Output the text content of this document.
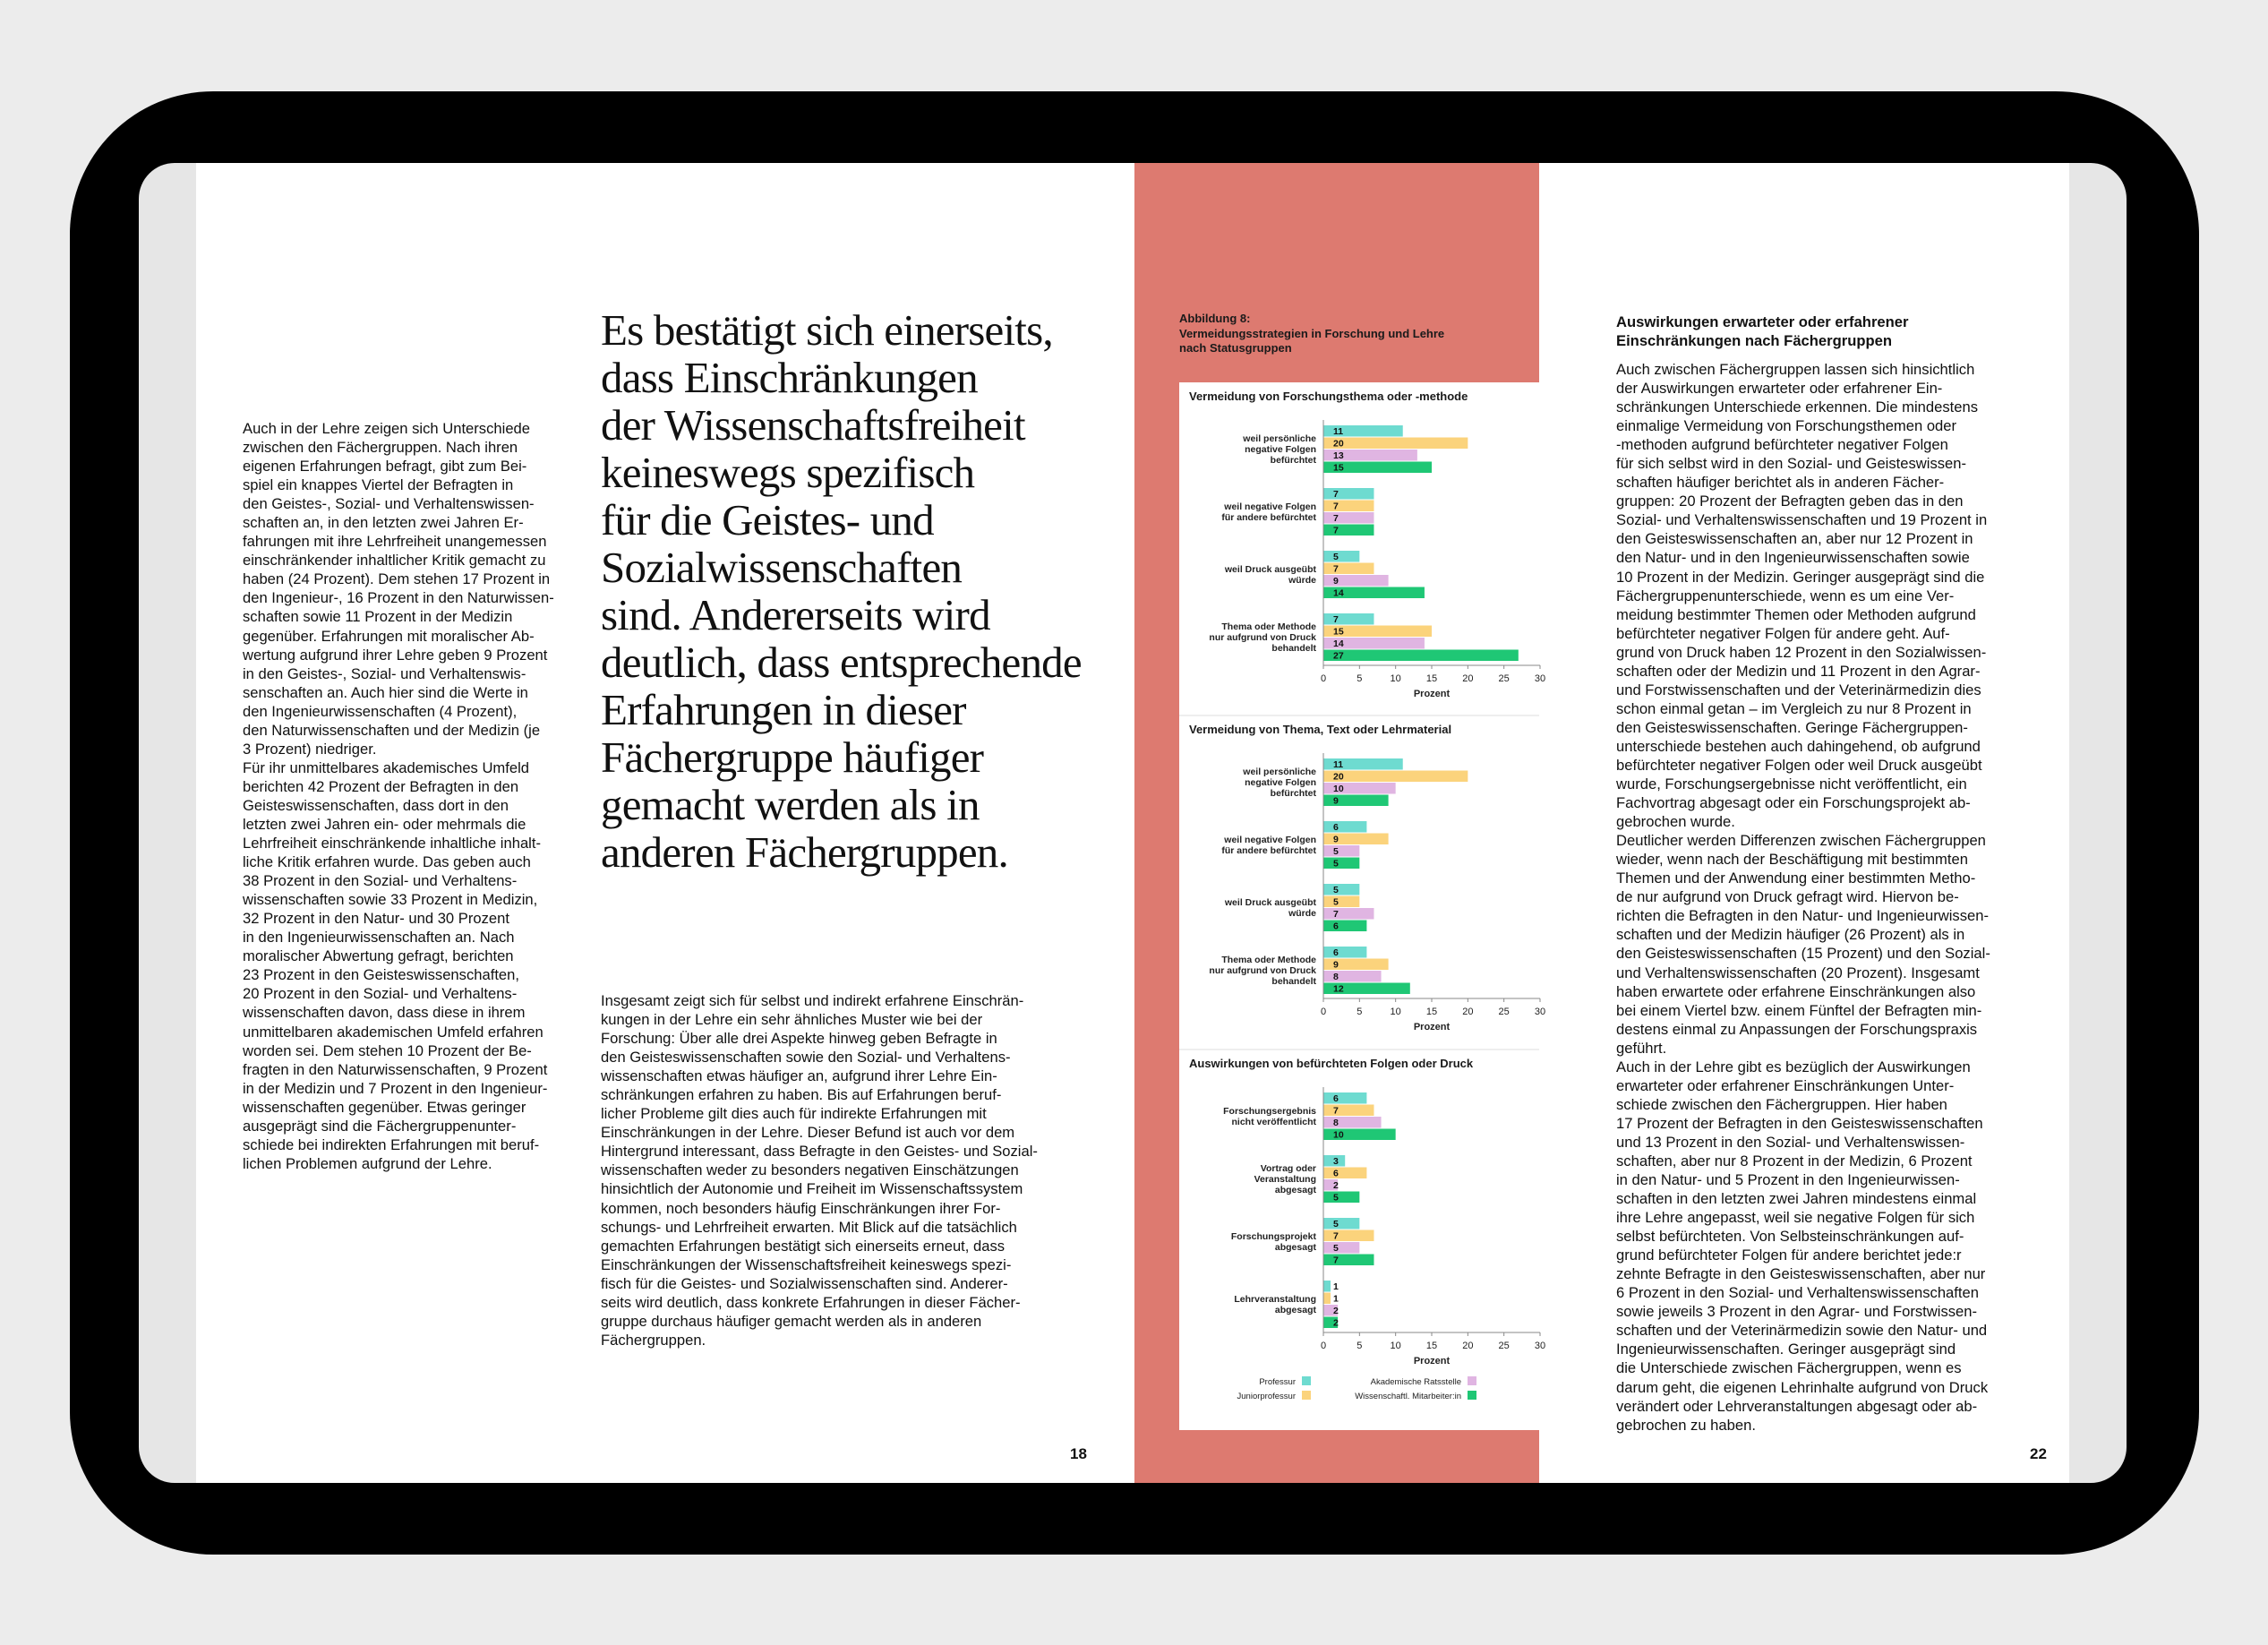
Auch in der Lehre zeigen sich Unterschiede
zwischen den Fächergruppen. Nach ihren
eigenen Erfahrungen befragt, gibt zum Bei-
spiel ein knappes Viertel der Befragten in
den Geistes-, Sozial- und Verhaltenswissen-
schaften an, in den letzten zwei Jahren Er-
fahrungen mit ihre Lehrfreiheit unangemessen
einschränkender inhaltlicher Kritik gemacht zu
haben (24 Prozent). Dem stehen 17 Prozent in
den Ingenieur-, 16 Prozent in den Naturwissen-
schaften sowie 11 Prozent in der Medizin
gegenüber. Erfahrungen mit moralischer Ab-
wertung aufgrund ihrer Lehre geben 9 Prozent
in den Geistes-, Sozial- und Verhaltenswis-
senschaften an. Auch hier sind die Werte in
den Ingenieurwissenschaften (4 Prozent),
den Naturwissenschaften und der Medizin (je
3 Prozent) niedriger.
Für ihr unmittelbares akademisches Umfeld
berichten 42 Prozent der Befragten in den
Geisteswissenschaften, dass dort in den
letzten zwei Jahren ein- oder mehrmals die
Lehrfreiheit einschränkende inhaltliche inhalt-
liche Kritik erfahren wurde. Das geben auch
38 Prozent in den Sozial- und Verhaltens-
wissenschaften sowie 33 Prozent in Medizin,
32 Prozent in den Natur- und 30 Prozent
in den Ingenieurwissenschaften an. Nach
moralischer Abwertung gefragt, berichten
23 Prozent in den Geisteswissenschaften,
20 Prozent in den Sozial- und Verhaltens-
wissenschaften davon, dass diese in ihrem
unmittelbaren akademischen Umfeld erfahren
worden sei. Dem stehen 10 Prozent der Be-
fragten in den Naturwissenschaften, 9 Prozent
in der Medizin und 7 Prozent in den Ingenieur-
wissenschaften gegenüber. Etwas geringer
ausgeprägt sind die Fächergruppenunter-
schiede bei indirekten Erfahrungen mit beruf-
lichen Problemen aufgrund der Lehre.
Es bestätigt sich einerseits,
dass Einschränkungen
der Wissenschaftsfreiheit
keineswegs spezifisch
für die Geistes- und
Sozialwissenschaften
sind. Andererseits wird
deutlich, dass entsprechende
Erfahrungen in dieser
Fächergruppe häufiger
gemacht werden als in
anderen Fächergruppen.
Insgesamt zeigt sich für selbst und indirekt erfahrene Einschrän-
kungen in der Lehre ein sehr ähnliches Muster wie bei der
Forschung: Über alle drei Aspekte hinweg geben Befragte in
den Geisteswissenschaften sowie den Sozial- und Verhaltens-
wissenschaften etwas häufiger an, aufgrund ihrer Lehre Ein-
schränkungen erfahren zu haben. Bis auf Erfahrungen beruf-
licher Probleme gilt dies auch für indirekte Erfahrungen mit
Einschränkungen in der Lehre. Dieser Befund ist auch vor dem
Hintergrund interessant, dass Befragte in den Geistes- und Sozial-
wissenschaften weder zu besonders negativen Einschätzungen
hinsichtlich der Autonomie und Freiheit im Wissenschaftssystem
kommen, noch besonders häufig Einschränkungen ihrer For-
schungs- und Lehrfreiheit erwarten. Mit Blick auf die tatsächlich
gemachten Erfahrungen bestätigt sich einerseits erneut, dass
Einschränkungen der Wissenschaftsfreiheit keineswegs spezi-
fisch für die Geistes- und Sozialwissenschaften sind. Anderer-
seits wird deutlich, dass konkrete Erfahrungen in dieser Fächer-
gruppe durchaus häufiger gemacht werden als in anderen
Fächergruppen.
18
Abbildung 8:
Vermeidungsstrategien in Forschung und Lehre
nach Statusgruppen
Vermeidung von Forschungsthema oder -methode
weil persönliche
negative Folgen
befürchtet
11
20
13
15
weil negative Folgen
für andere befürchtet
7
7
7
7
weil Druck ausgeübt
würde
5
7
9
14
Thema oder Methode
nur aufgrund von Druck
behandelt
7
15
14
27
0	5	10	15	20	25	30
Prozent
Vermeidung von Thema, Text oder Lehrmaterial
weil persönliche
negative Folgen
befürchtet
11
20
10
9
weil negative Folgen
für andere befürchtet
6
9
5
5
weil Druck ausgeübt
würde
5
5
7
6
Thema oder Methode
nur aufgrund von Druck
behandelt
6
9
8
12
0	5	10	15	20	25	30
Prozent
Auswirkungen von befürchteten Folgen oder Druck
Forschungsergebnis
nicht veröffentlicht
6
7
8
10
Vortrag oder
Veranstaltung
abgesagt
3
6
2
5
Forschungsprojekt
abgesagt
5
7
5
7
Lehrveranstaltung
abgesagt
1
1
2
2
0	5	10	15	20	25	30
Prozent
Professur
Juniorprofessur
Akademische Ratsstelle
Wissenschaftl. Mitarbeiter:in
Auswirkungen erwarteter oder erfahrener
Einschränkungen nach Fächergruppen
Auch zwischen Fächergruppen lassen sich hinsichtlich
der Auswirkungen erwarteter oder erfahrener Ein-
schränkungen Unterschiede erkennen. Die mindestens
einmalige Vermeidung von Forschungsthemen oder
-methoden aufgrund befürchteter negativer Folgen
für sich selbst wird in den Sozial- und Geisteswissen-
schaften häufiger berichtet als in anderen Fächer-
gruppen: 20 Prozent der Befragten geben das in den
Sozial- und Verhaltenswissenschaften und 19 Prozent in
den Geisteswissenschaften an, aber nur 12 Prozent in
den Natur- und in den Ingenieurwissenschaften sowie
10 Prozent in der Medizin. Geringer ausgeprägt sind die
Fächergruppenunterschiede, wenn es um eine Ver-
meidung bestimmter Themen oder Methoden aufgrund
befürchteter negativer Folgen für andere geht. Auf-
grund von Druck haben 12 Prozent in den Sozialwissen-
schaften oder der Medizin und 11 Prozent in den Agrar-
und Forstwissenschaften und der Veterinärmedizin dies
schon einmal getan – im Vergleich zu nur 8 Prozent in
den Geisteswissenschaften. Geringe Fächergruppen-
unterschiede bestehen auch dahingehend, ob aufgrund
befürchteter negativer Folgen oder weil Druck ausgeübt
wurde, Forschungsergebnisse nicht veröffentlicht, ein
Fachvortrag abgesagt oder ein Forschungsprojekt ab-
gebrochen wurde.
Deutlicher werden Differenzen zwischen Fächergruppen
wieder, wenn nach der Beschäftigung mit bestimmten
Themen und der Anwendung einer bestimmten Metho-
de nur aufgrund von Druck gefragt wird. Hiervon be-
richten die Befragten in den Natur- und Ingenieurwissen-
schaften und der Medizin häufiger (26 Prozent) als in
den Geisteswissenschaften (15 Prozent) und den Sozial-
und Verhaltenswissenschaften (20 Prozent). Insgesamt
haben erwartete oder erfahrene Einschränkungen also
bei einem Viertel bzw. einem Fünftel der Befragten min-
destens einmal zu Anpassungen der Forschungspraxis
geführt.
Auch in der Lehre gibt es bezüglich der Auswirkungen
erwarteter oder erfahrener Einschränkungen Unter-
schiede zwischen den Fächergruppen. Hier haben
17 Prozent der Befragten in den Geisteswissenschaften
und 13 Prozent in den Sozial- und Verhaltenswissen-
schaften, aber nur 8 Prozent in der Medizin, 6 Prozent
in den Natur- und 5 Prozent in den Ingenieurwissen-
schaften in den letzten zwei Jahren mindestens einmal
ihre Lehre angepasst, weil sie negative Folgen für sich
selbst befürchteten. Von Selbsteinschränkungen auf-
grund befürchteter Folgen für andere berichtet jede:r
zehnte Befragte in den Geisteswissenschaften, aber nur
6 Prozent in den Sozial- und Verhaltenswissenschaften
sowie jeweils 3 Prozent in den Agrar- und Forstwissen-
schaften und der Veterinärmedizin sowie den Natur- und
Ingenieurwissenschaften. Geringer ausgeprägt sind
die Unterschiede zwischen Fächergruppen, wenn es
darum geht, die eigenen Lehrinhalte aufgrund von Druck
verändert oder Lehrveranstaltungen abgesagt oder ab-
gebrochen zu haben.
22
